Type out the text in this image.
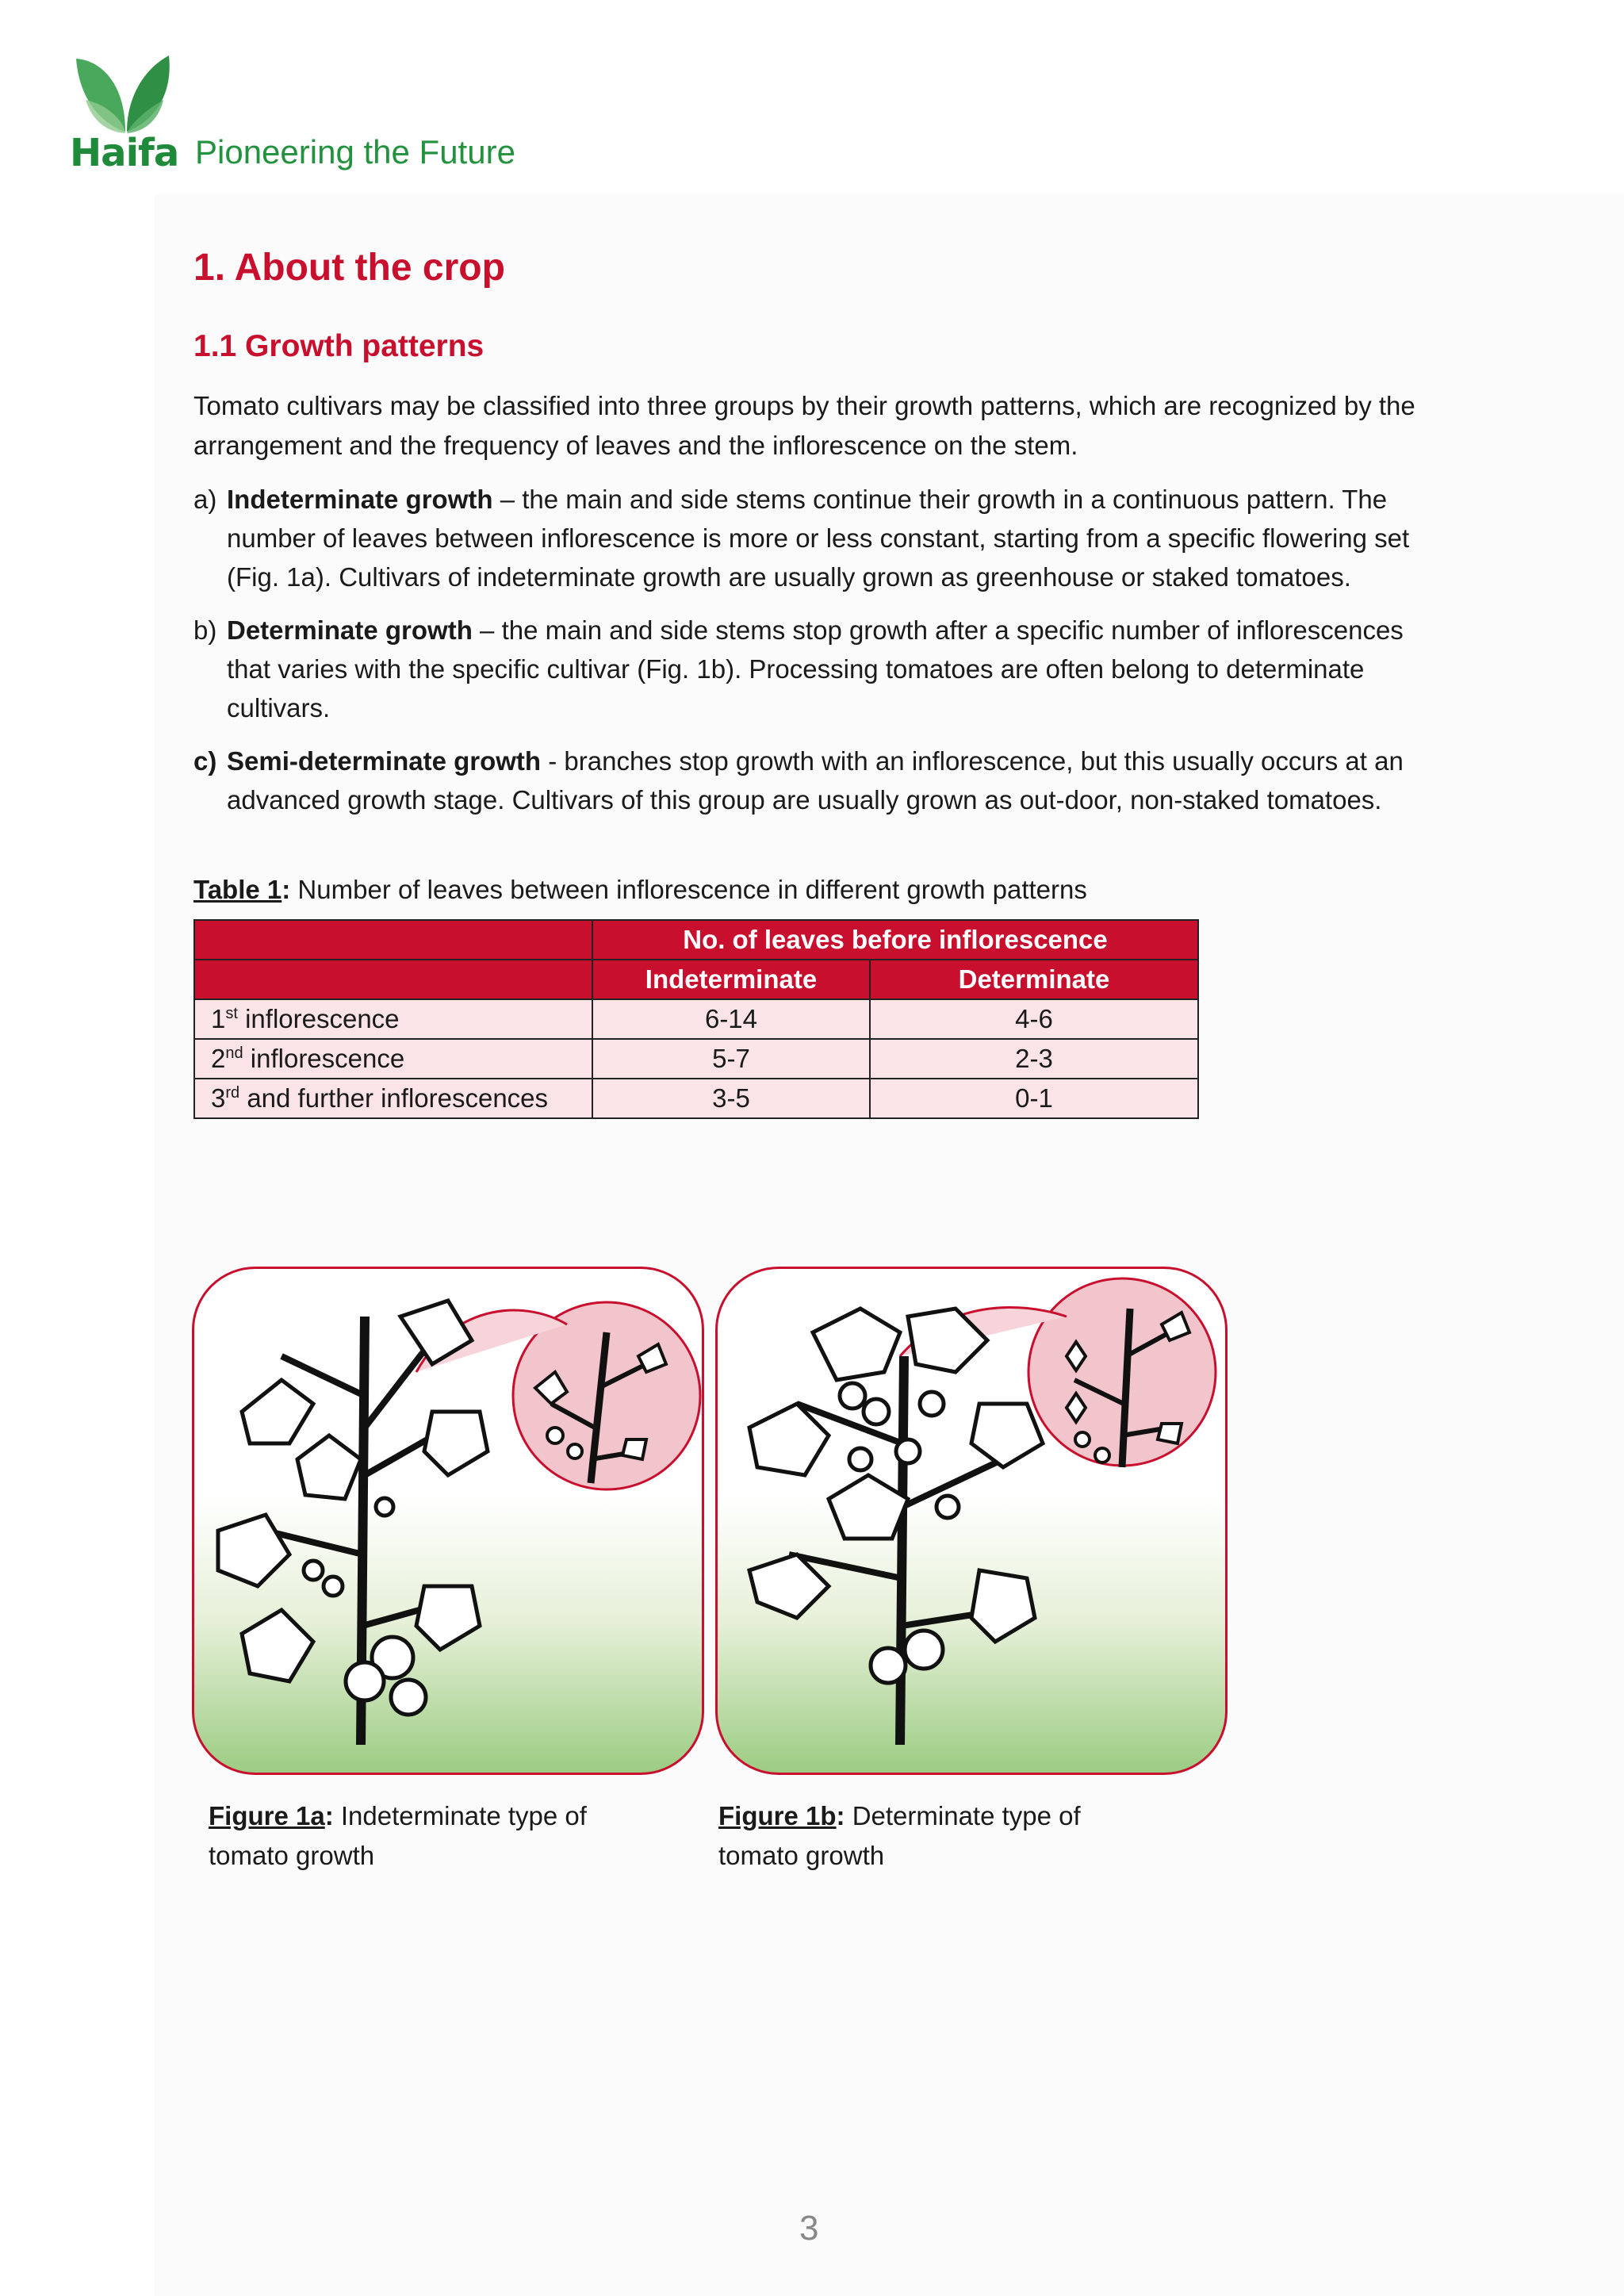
Haifa Pioneering the Future
1. About the crop
1.1 Growth patterns

Tomato cultivars may be classified into three groups by their growth patterns, which are recognized by the arrangement and the frequency of leaves and the inflorescence on the stem.

a) Indeterminate growth – the main and side stems continue their growth in a continuous pattern. The number of leaves between inflorescence is more or less constant, starting from a specific flowering set (Fig. 1a). Cultivars of indeterminate growth are usually grown as greenhouse or staked tomatoes.
b) Determinate growth – the main and side stems stop growth after a specific number of inflorescences that varies with the specific cultivar (Fig. 1b). Processing tomatoes are often belong to determinate cultivars.
c) Semi-determinate growth - branches stop growth with an inflorescence, but this usually occurs at an advanced growth stage. Cultivars of this group are usually grown as out-door, non-staked tomatoes.
Table 1: Number of leaves between inflorescence in different growth patterns
	No. of leaves before inflorescence	
	Indeterminate	Determinate
1st inflorescence	6-14	4-6
2nd inflorescence	5-7	2-3
3rd and further inflorescences	3-5	0-1
Figure 1a: Indeterminate type of tomato growth
Figure 1b: Determinate type of tomato growth
3
